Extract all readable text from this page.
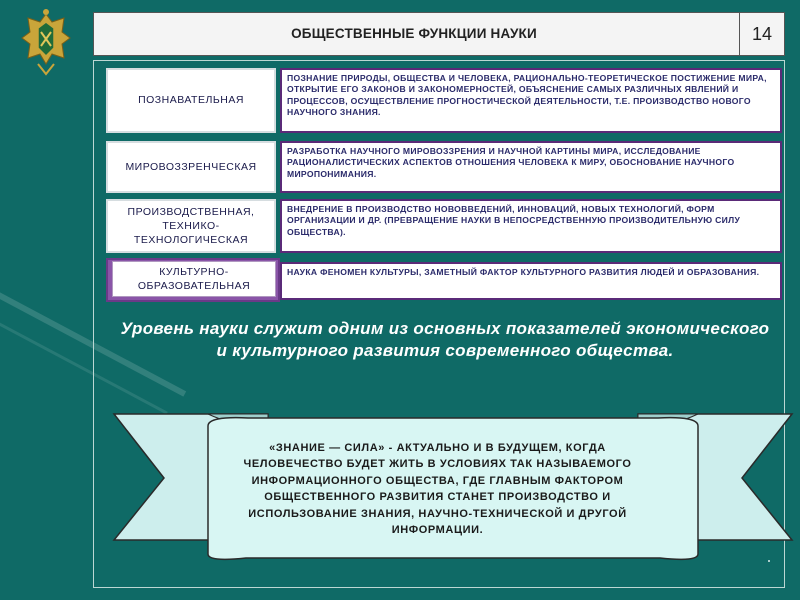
ОБЩЕСТВЕННЫЕ ФУНКЦИИ НАУКИ	14
ПОЗНАВАТЕЛЬНАЯ
ПОЗНАНИЕ ПРИРОДЫ, ОБЩЕСТВА И ЧЕЛОВЕКА, РАЦИОНАЛЬНО-ТЕОРЕТИЧЕСКОЕ ПОСТИЖЕНИЕ МИРА, ОТКРЫТИЕ ЕГО ЗАКОНОВ И ЗАКОНОМЕРНОСТЕЙ, ОБЪЯСНЕНИЕ САМЫХ РАЗЛИЧНЫХ ЯВЛЕНИЙ И ПРОЦЕССОВ, ОСУЩЕСТВЛЕНИЕ ПРОГНОСТИЧЕСКОЙ ДЕЯТЕЛЬНОСТИ, Т.Е. ПРОИЗВОДСТВО НОВОГО НАУЧНОГО ЗНАНИЯ.
МИРОВОЗЗРЕНЧЕСКАЯ
РАЗРАБОТКА НАУЧНОГО МИРОВОЗЗРЕНИЯ И НАУЧНОЙ КАРТИНЫ МИРА, ИССЛЕДОВАНИЕ РАЦИОНАЛИСТИЧЕСКИХ АСПЕКТОВ ОТНОШЕНИЯ ЧЕЛОВЕКА К МИРУ, ОБОСНОВАНИЕ НАУЧНОГО МИРОПОНИМАНИЯ.
ПРОИЗВОДСТВЕННАЯ, ТЕХНИКО-ТЕХНОЛОГИЧЕСКАЯ
ВНЕДРЕНИЕ В ПРОИЗВОДСТВО НОВОВВЕДЕНИЙ, ИННОВАЦИЙ, НОВЫХ ТЕХНОЛОГИЙ, ФОРМ ОРГАНИЗАЦИИ И ДР. (ПРЕВРАЩЕНИЕ НАУКИ В НЕПОСРЕДСТВЕННУЮ ПРОИЗВОДИТЕЛЬНУЮ СИЛУ ОБЩЕСТВА).
КУЛЬТУРНО-ОБРАЗОВАТЕЛЬНАЯ
НАУКА ФЕНОМЕН КУЛЬТУРЫ, ЗАМЕТНЫЙ ФАКТОР КУЛЬТУРНОГО РАЗВИТИЯ ЛЮДЕЙ И ОБРАЗОВАНИЯ.
Уровень науки служит одним из основных показателей экономического и культурного развития современного общества.
«ЗНАНИЕ — СИЛА» - АКТУАЛЬНО И В БУДУЩЕМ, КОГДА ЧЕЛОВЕЧЕСТВО БУДЕТ ЖИТЬ В УСЛОВИЯХ ТАК НАЗЫВАЕМОГО ИНФОРМАЦИОННОГО ОБЩЕСТВА, ГДЕ ГЛАВНЫМ ФАКТОРОМ ОБЩЕСТВЕННОГО РАЗВИТИЯ СТАНЕТ ПРОИЗВОДСТВО И ИСПОЛЬЗОВАНИЕ ЗНАНИЯ, НАУЧНО-ТЕХНИЧЕСКОЙ И ДРУГОЙ ИНФОРМАЦИИ.
